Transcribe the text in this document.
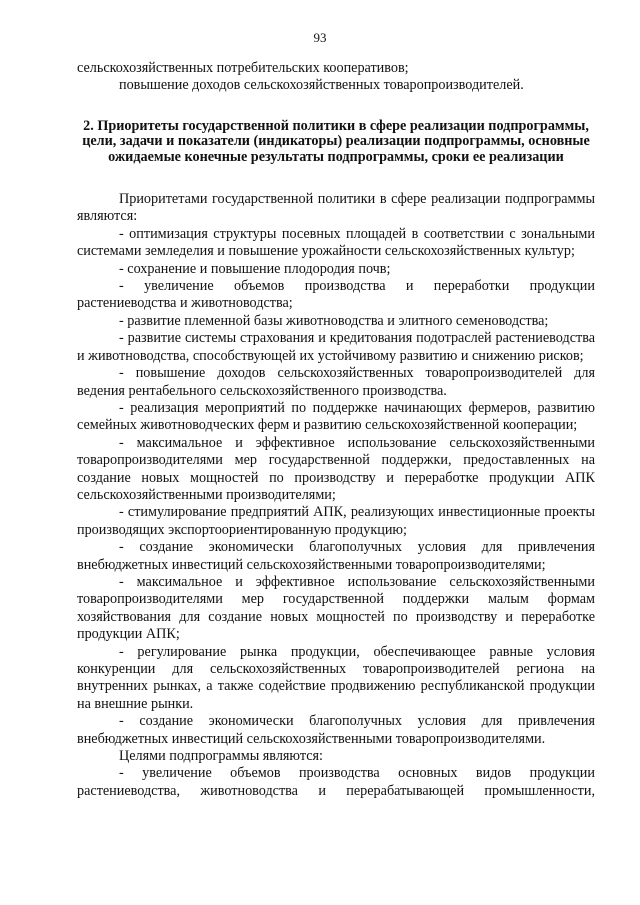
93

сельскохозяйственных потребительских кооперативов;

повышение доходов сельскохозяйственных товаропроизводителей.

2. Приоритеты государственной политики в сфере реализации подпрограммы, цели, задачи и показатели (индикаторы) реализации подпрограммы, основные ожидаемые конечные результаты подпрограммы, сроки ее реализации

Приоритетами государственной политики в сфере реализации подпрограммы являются:

- оптимизация структуры посевных площадей в соответствии с зональными системами земледелия и повышение урожайности сельскохозяйственных культур;

- сохранение и повышение плодородия почв;

- увеличение объемов производства и переработки продукции растениеводства и животноводства;

- развитие племенной базы животноводства и элитного семеноводства;

- развитие системы страхования и кредитования подотраслей растениеводства и животноводства, способствующей их устойчивому развитию и снижению рисков;

- повышение доходов сельскохозяйственных товаропроизводителей для ведения рентабельного сельскохозяйственного производства.

- реализация мероприятий по поддержке начинающих фермеров, развитию семейных животноводческих ферм и развитию сельскохозяйственной кооперации;

- максимальное и эффективное использование сельскохозяйственными товаропроизводителями мер государственной поддержки, предоставленных на создание новых мощностей по производству и переработке продукции АПК сельскохозяйственными производителями;

- стимулирование предприятий АПК, реализующих инвестиционные проекты производящих экспортоориентированную продукцию;

- создание экономически благополучных условия для привлечения внебюджетных инвестиций сельскохозяйственными товаропроизводителями;

- максимальное и эффективное использование сельскохозяйственными товаропроизводителями мер государственной поддержки малым формам хозяйствования для создание новых мощностей по производству и переработке продукции АПК;

- регулирование рынка продукции, обеспечивающее равные условия конкуренции для сельскохозяйственных товаропроизводителей региона на внутренних рынках, а также содействие продвижению республиканской продукции на внешние рынки.

- создание экономически благополучных условия для привлечения внебюджетных инвестиций сельскохозяйственными товаропроизводителями.

Целями подпрограммы являются:

- увеличение объемов производства основных видов продукции растениеводства, животноводства и перерабатывающей промышленности,
